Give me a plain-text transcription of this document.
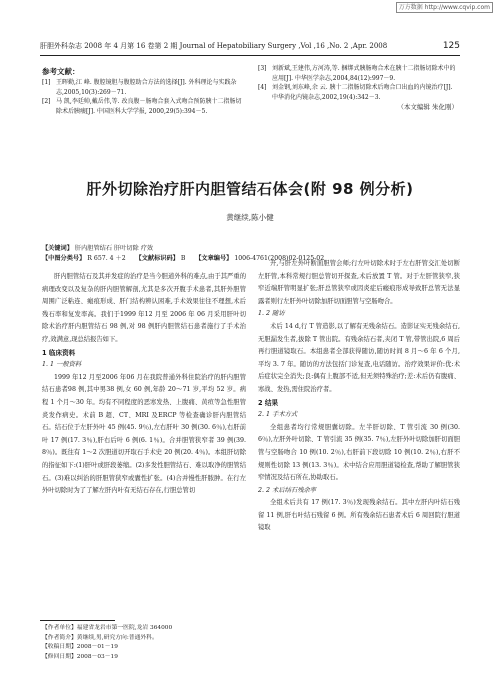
万方数据 http://www.cqvip.com
肝胆外科杂志 2008 年 4 月第 16 卷第 2 期 Journal of Hepatobiliary Surgery ,Vol ,16 ,No. 2 ,Apr. 2008	125
参考文献：
[1] 王晖勤,江 峰. 腹腔镜胆与腹腔助合方法的选择[J]. 外科理论与实践杂志,2005,10(3):269－71.
[2] 马 凯,李廷帅,戴岳伟,等. 改良腹－肠吻合套入式吻合预防胰十二指肠切除术后胰瘘[J]. 中国医科大学学报, 2000,29(5):394－5.
[3] 刘新斌,王建伟,方河涛,等. 捆绑式胰肠吻合术在胰十二指肠切除术中的应用[J]. 中华医学杂志,2004,84(12):997－9.
[4] 刘金钢,刘东峰,余 云. 胰十二指肠切除术后吻合口出血的内镜治疗[J]. 中华消化内镜杂志,2002,19(4):342－3.
（本文编辑 朱化刚）
肝外切除治疗肝内胆管结石体会(附 98 例分析)
黄继续,陈小健
【关键词】 肝内胆管结石 肝叶切除 疗效
【中图分类号】 R 657. 4 ＋2 【文献标识码】 B 【文章编号】 1006-4761(2008)02-0125-02

肝内胆管结石及其并发症的治疗是当今胆道外科的难点,由于其严重的病理改变以及复杂的肝内胆管解剖,尤其是多次开腹手术患者,其肝外胆管周围广泛粘连、瘢痕形成、肝门结构辨认困难,手术效果往往不理想,术后残石率和复发率高。我们于1999 年12 月至 2006 年 06 月采用肝叶切除术治疗肝内胆管结石 98 例,对 98 例肝内胆管结石患者施行了手术治疗,效满意,现总结报告如下。

1 临床资料
1. 1 一般资料

1999 年12 月至2006 年06 月在我院普通外科住院治疗的肝内胆管结石患者98 例,其中男38 例,女 60 例,年龄 20～71 岁,平均 52 岁。病程 1 个月～30 年。均有不同程度的恶寒发热、上腹痛、黄疸等急性胆管炎发作病史。术前 B 超、CT、MRI 及ERCP 等检查确诊肝内胆管结石。结石位于左肝外叶 45 例(45. 9％),左右肝叶 30 例(30. 6％),右肝前叶 17 例(17. 3％),肝右后叶 6 例(6. 1％)。合并胆管狭窄者 39 例(39. 8％)。既往有 1～2 次胆道切开取石手术史 20 例(20. 4％)。本组肝切除的指征如下:(1)肝叶或肝段萎缩。(2)多发性胆管结石、难以取净的胆管结石。(3)难以纠治的肝胆管狭窄或囊性扩张。(4)合并慢性肝脓肿。在行左外叶切除时为了了解左肝内叶有无结石存在,行胆总管切

开,与肝左外叶断面胆管会师;行左叶切除术时于左右肝管交汇处切断左肝管,本科常规行胆总管切开探查,术后放置 T 管。对于左肝管狭窄,狭窄近端肝管明显扩张;肝总管狭窄或因炎症后瘢痕形成导致肝总管无法显露者则行左肝外叶切除加肝切面胆管与空肠吻合。

1. 2 随访

术后 14 d,行 T 管造影,以了解有无残余结石。造影证实无残余结石,无胆漏发生者,拔除 T 管出院。有残余结石者,夹闭 T 管,带管出院,6 周后再行胆道镜取石。本组患者全部获得随访,随访时间 8 月～6 年 6 个月,平均 3. 7 年。随访的方法包括门诊复查,电话随访。治疗效果评价:优:术后症状完全消失;良:偶有上腹部不适,但无须特殊治疗;差:术后仍有腹痛、寒战、发热,需住院治疗者。

2 结果
2. 1 手术方式

全组患者均行常规胆囊切除。左半肝切除、T 管引流 30 例(30. 6％),左肝外叶切除、T 管引流 35 例(35. 7％),左肝外叶切除加肝切面胆管与空肠吻合 10 例(10. 2％),右肝前下段切除 10 例(10. 2％),右肝不规则性切除 13 例(13. 3％)。术中结合应用胆道镜检查,帮助了解胆管狭窄情况及结石所在,协助取石。

2. 2 术后结石残余率

全组术后共有 17 例(17. 3％)发现残余结石。其中左肝内叶结石残留 11 例,肝右叶结石残留 6 例。所有残余结石患者术后 6 周回院行胆道镜取

【作者单位】福建省龙岩市第一医院,龙岩 364000
【作者简介】黄继续,男,研究方向:普通外科。
【收稿日期】2008－01－19
【修回日期】2008－03－19
